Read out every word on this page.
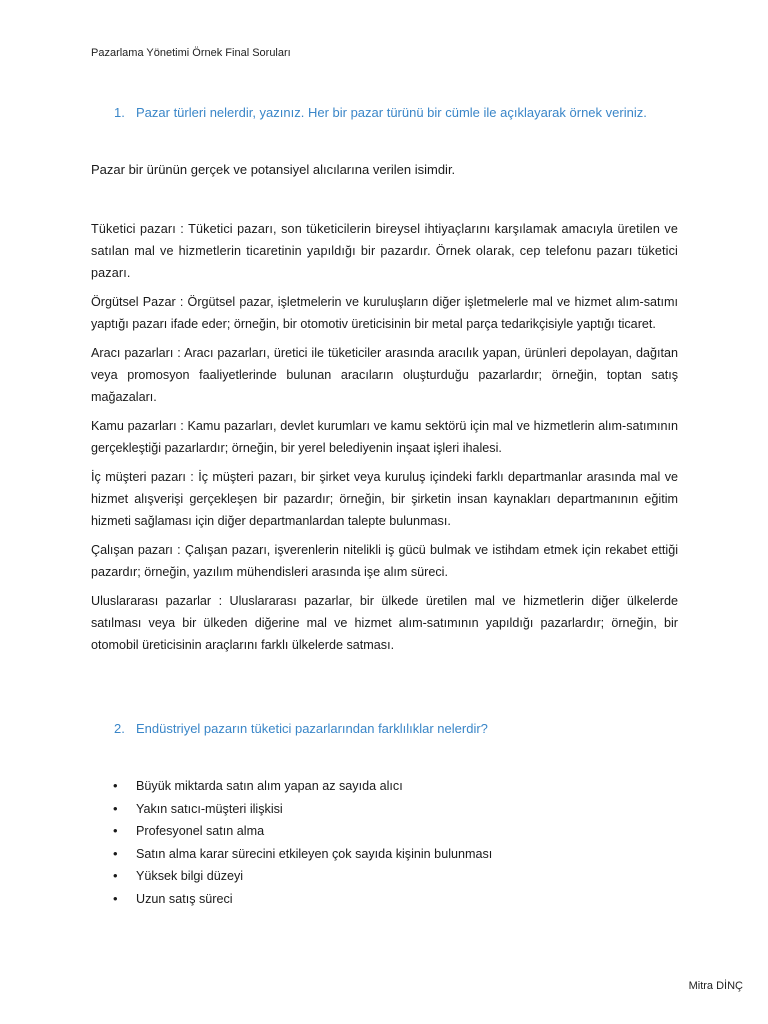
Pazarlama Yönetimi Örnek Final Soruları
1. Pazar türleri nelerdir, yazınız. Her bir pazar türünü bir cümle ile açıklayarak örnek veriniz.
Pazar bir ürünün gerçek ve potansiyel alıcılarına verilen isimdir.

Tüketici pazarı : Tüketici pazarı, son tüketicilerin bireysel ihtiyaçlarını karşılamak amacıyla üretilen ve satılan mal ve hizmetlerin ticaretinin yapıldığı bir pazardır. Örnek olarak, cep telefonu pazarı tüketici pazarı.

Örgütsel Pazar : Örgütsel pazar, işletmelerin ve kuruluşların diğer işletmelerle mal ve hizmet alım-satımı yaptığı pazarı ifade eder; örneğin, bir otomotiv üreticisinin bir metal parça tedarikçisiyle yaptığı ticaret.

Aracı pazarları : Aracı pazarları, üretici ile tüketiciler arasında aracılık yapan, ürünleri depolayan, dağıtan veya promosyon faaliyetlerinde bulunan aracıların oluşturduğu pazarlardır; örneğin, toptan satış mağazaları.

Kamu pazarları : Kamu pazarları, devlet kurumları ve kamu sektörü için mal ve hizmetlerin alım-satımının gerçekleştiği pazarlardır; örneğin, bir yerel belediyenin inşaat işleri ihalesi.

İç müşteri pazarı : İç müşteri pazarı, bir şirket veya kuruluş içindeki farklı departmanlar arasında mal ve hizmet alışverişi gerçekleşen bir pazardır; örneğin, bir şirketin insan kaynakları departmanının eğitim hizmeti sağlaması için diğer departmanlardan talepte bulunması.

Çalışan pazarı : Çalışan pazarı, işverenlerin nitelikli iş gücü bulmak ve istihdam etmek için rekabet ettiği pazardır; örneğin, yazılım mühendisleri arasında işe alım süreci.

Uluslararası pazarlar : Uluslararası pazarlar, bir ülkede üretilen mal ve hizmetlerin diğer ülkelerde satılması veya bir ülkeden diğerine mal ve hizmet alım-satımının yapıldığı pazarlardır; örneğin, bir otomobil üreticisinin araçlarını farklı ülkelerde satması.

2. Endüstriyel pazarın tüketici pazarlarından farklılıklar nelerdir?
• Büyük miktarda satın alım yapan az sayıda alıcı
• Yakın satıcı-müşteri ilişkisi
• Profesyonel satın alma
• Satın alma karar sürecini etkileyen çok sayıda kişinin bulunması
• Yüksek bilgi düzeyi
• Uzun satış süreci
Mitra DİNÇ
